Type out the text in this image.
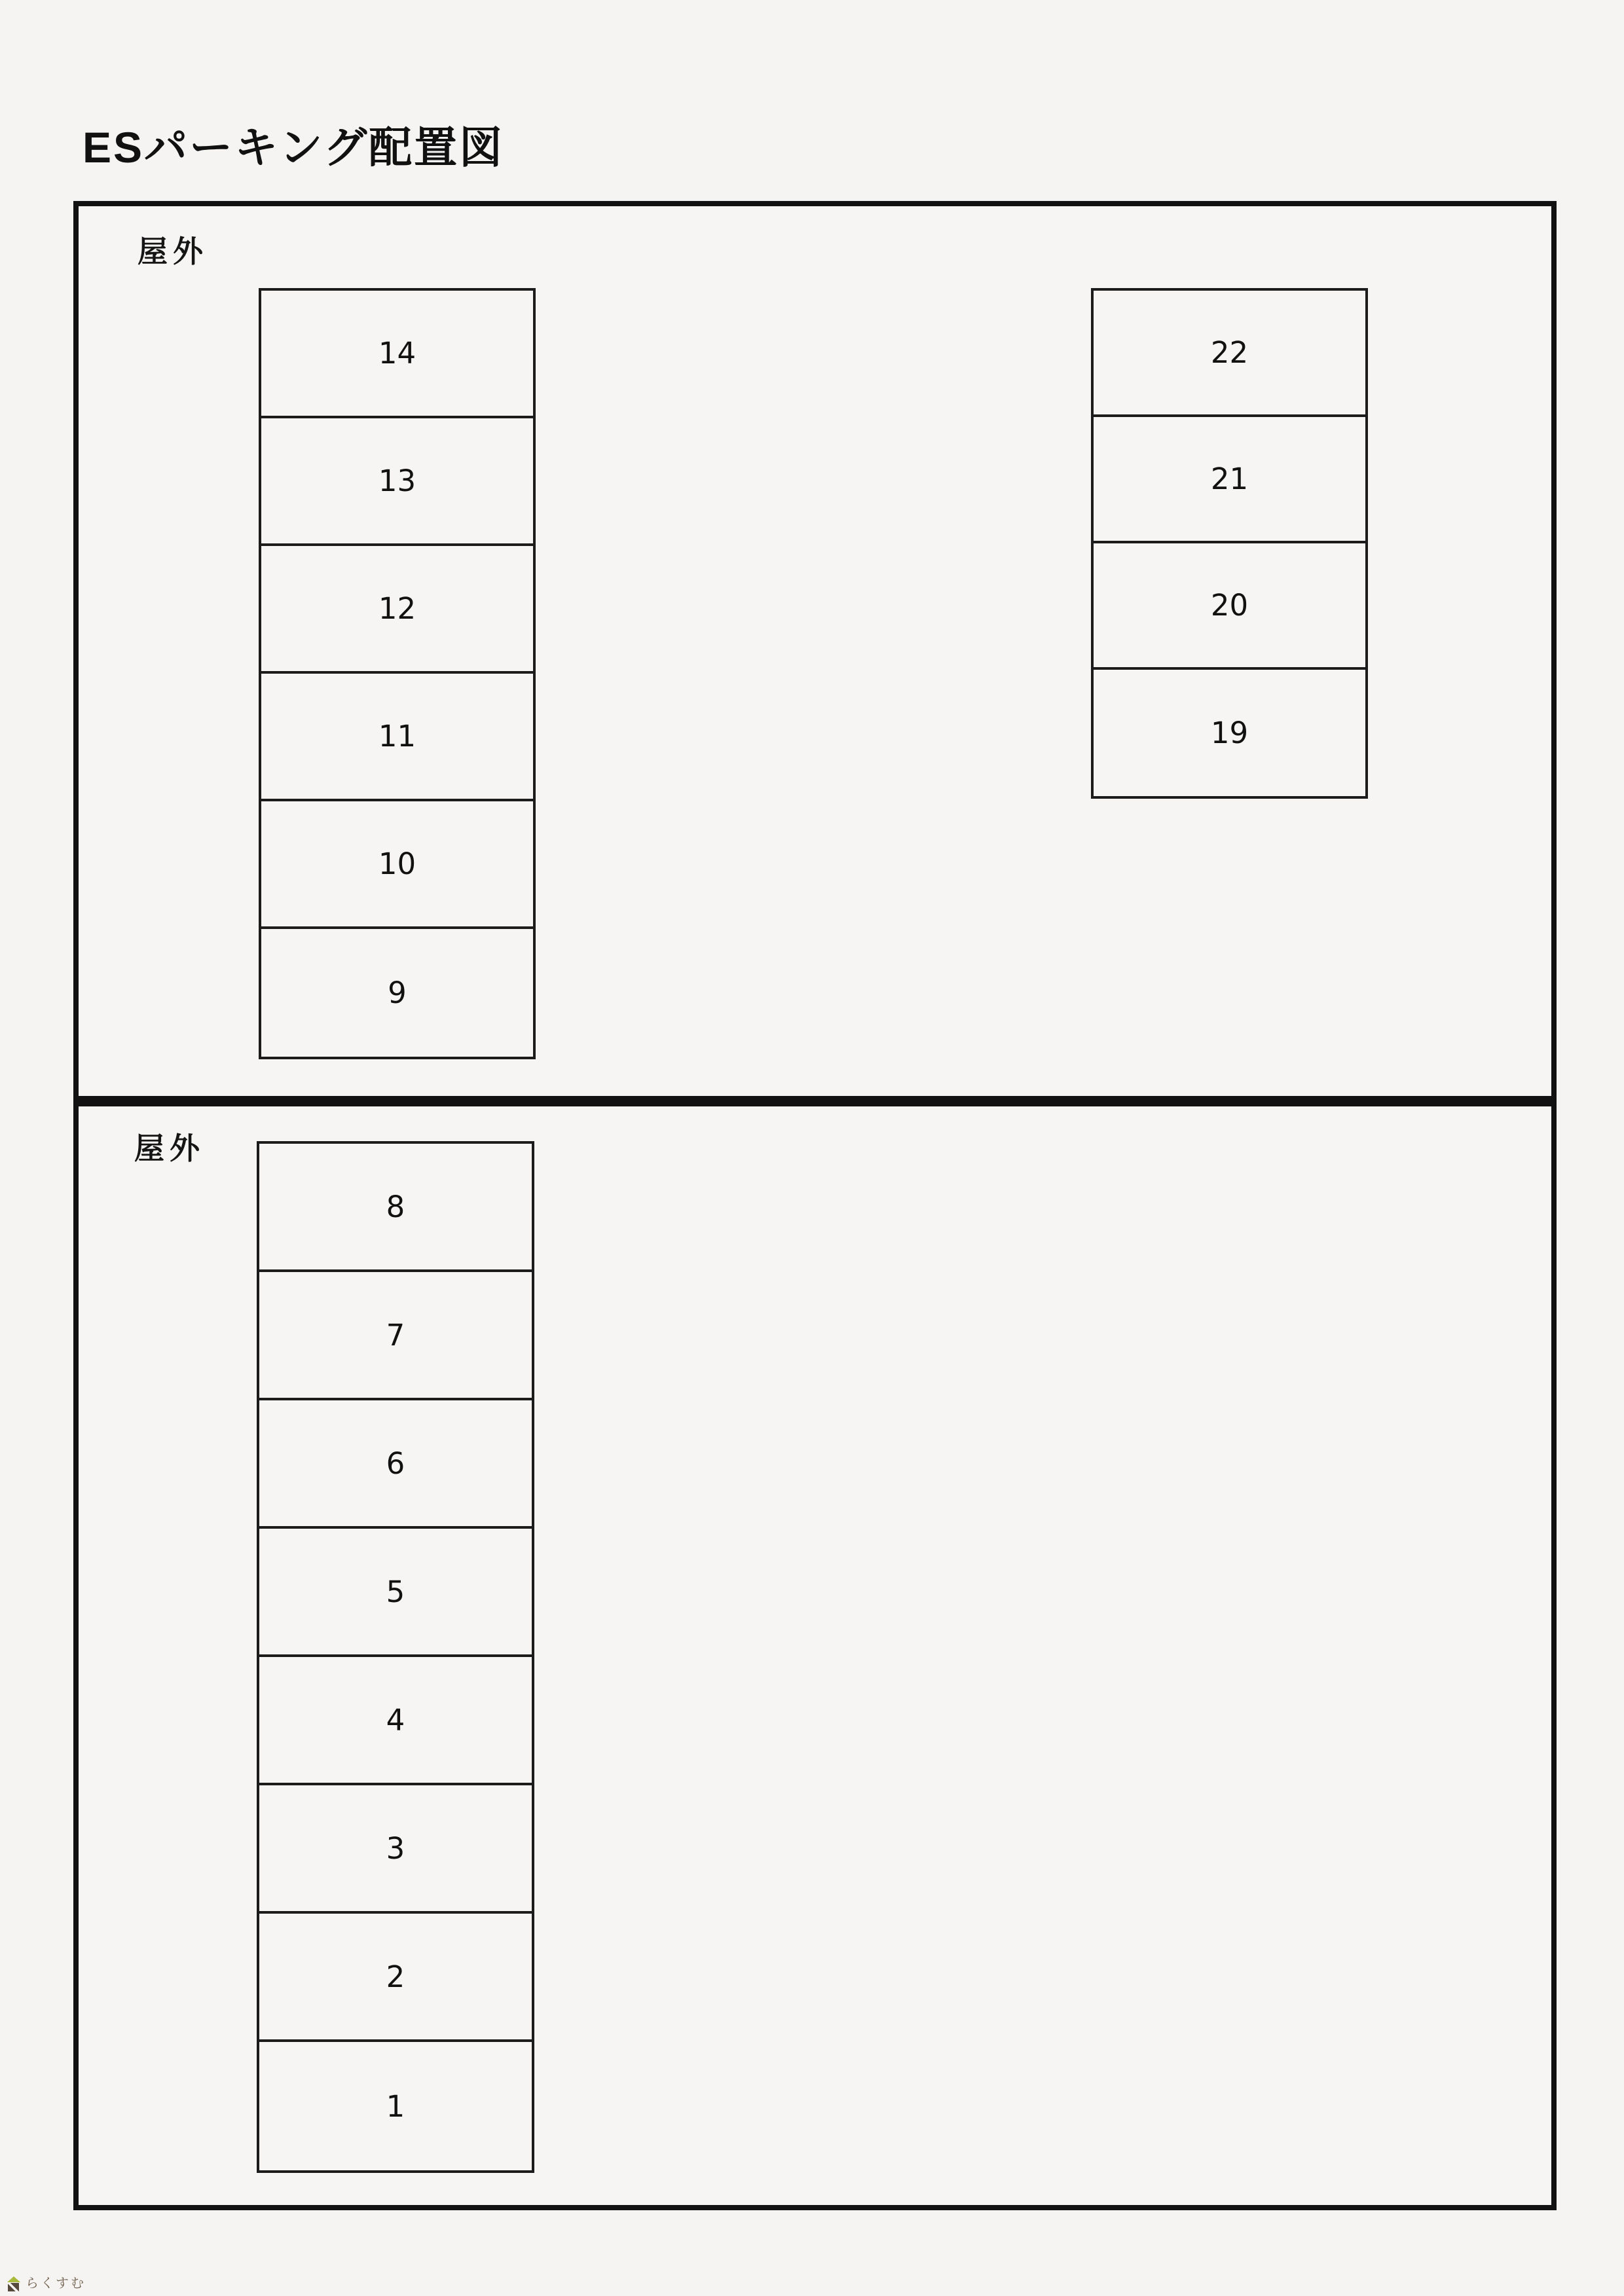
ESパーキング配置図
屋外
14
13
12
11
10
9
22
21
20
19
屋外
8
7
6
5
4
3
2
1
らくすむ
